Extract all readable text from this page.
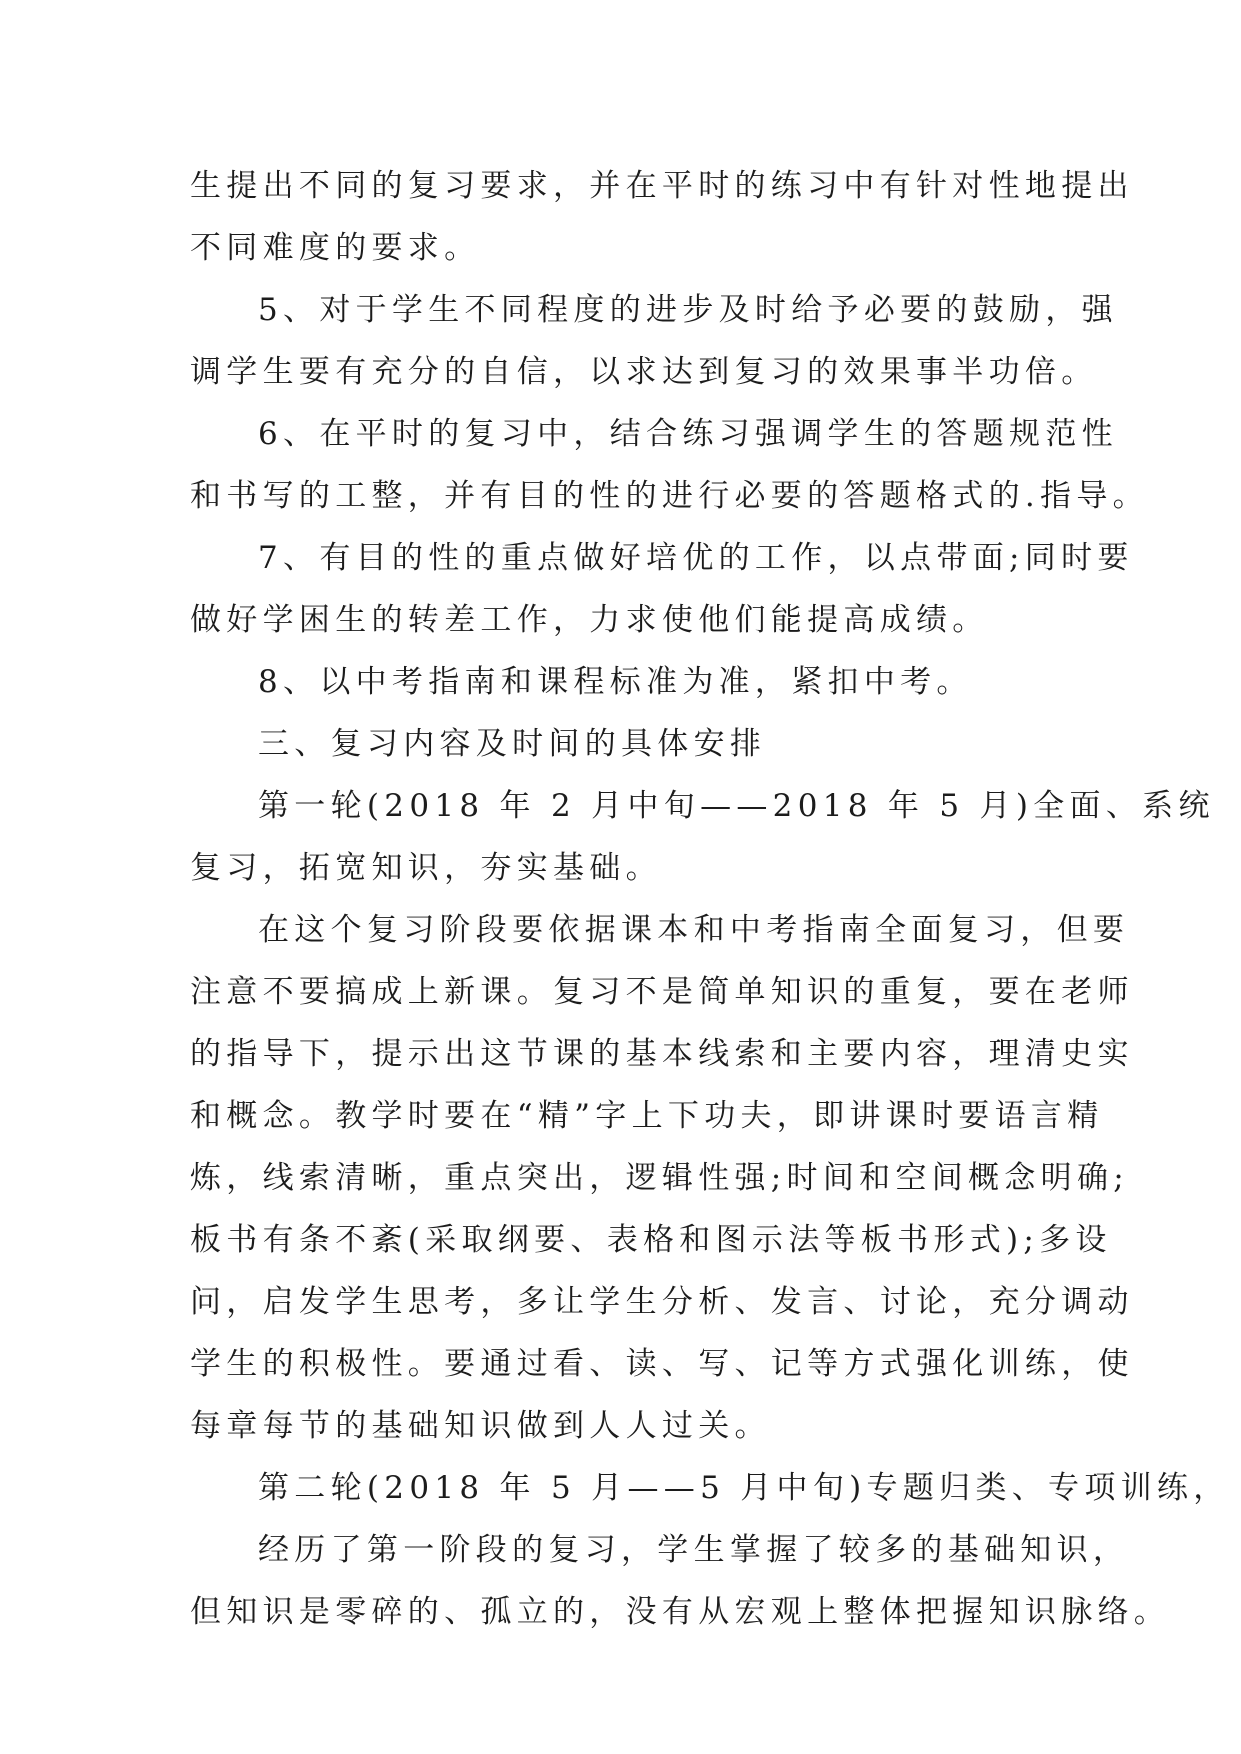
生提出不同的复习要求，并在平时的练习中有针对性地提出
不同难度的要求。
5、对于学生不同程度的进步及时给予必要的鼓励，强
调学生要有充分的自信，以求达到复习的效果事半功倍。
6、在平时的复习中，结合练习强调学生的答题规范性
和书写的工整，并有目的性的进行必要的答题格式的.指导。
7、有目的性的重点做好培优的工作，以点带面;同时要
做好学困生的转差工作，力求使他们能提高成绩。
8、以中考指南和课程标准为准，紧扣中考。
三、复习内容及时间的具体安排
第一轮(2018 年 2 月中旬——2018 年 5 月)全面、系统
复习，拓宽知识，夯实基础。
在这个复习阶段要依据课本和中考指南全面复习，但要
注意不要搞成上新课。复习不是简单知识的重复，要在老师
的指导下，提示出这节课的基本线索和主要内容，理清史实
和概念。教学时要在“精”字上下功夫，即讲课时要语言精
炼，线索清晰，重点突出，逻辑性强;时间和空间概念明确;
板书有条不紊(采取纲要、表格和图示法等板书形式);多设
问，启发学生思考，多让学生分析、发言、讨论，充分调动
学生的积极性。要通过看、读、写、记等方式强化训练，使
每章每节的基础知识做到人人过关。
第二轮(2018 年 5 月——5 月中旬)专题归类、专项训练，
经历了第一阶段的复习，学生掌握了较多的基础知识，
但知识是零碎的、孤立的，没有从宏观上整体把握知识脉络。
